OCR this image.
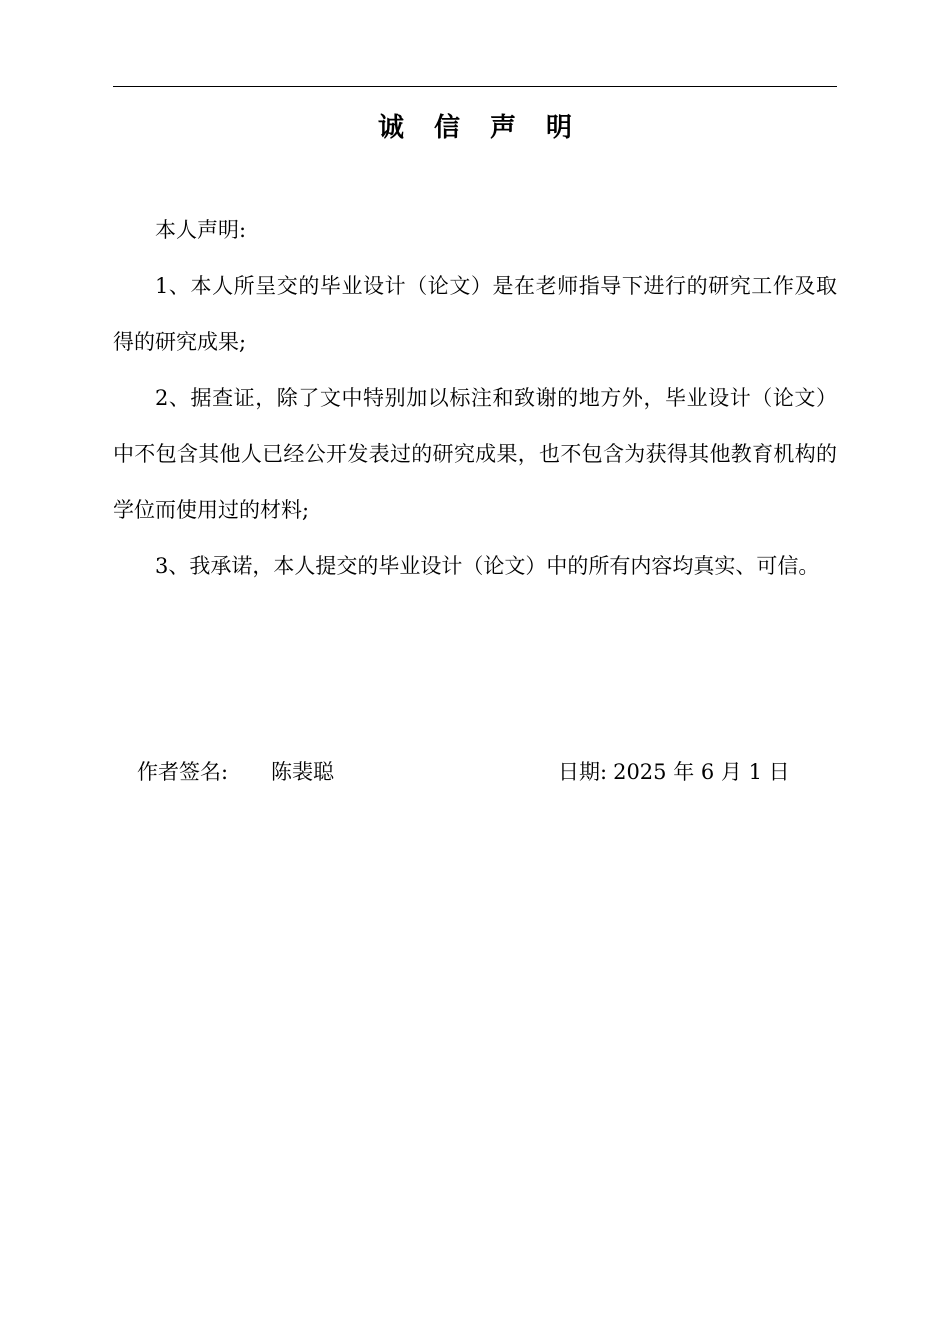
诚信声明

本人声明:

1、本人所呈交的毕业设计（论文）是在老师指导下进行的研究工作及取得的研究成果;

2、据查证，除了文中特别加以标注和致谢的地方外，毕业设计（论文）中不包含其他人已经公开发表过的研究成果，也不包含为获得其他教育机构的学位而使用过的材料;

3、我承诺，本人提交的毕业设计（论文）中的所有内容均真实、可信。

作者签名: 陈裴聪	日期: 2025 年 6 月 1 日
